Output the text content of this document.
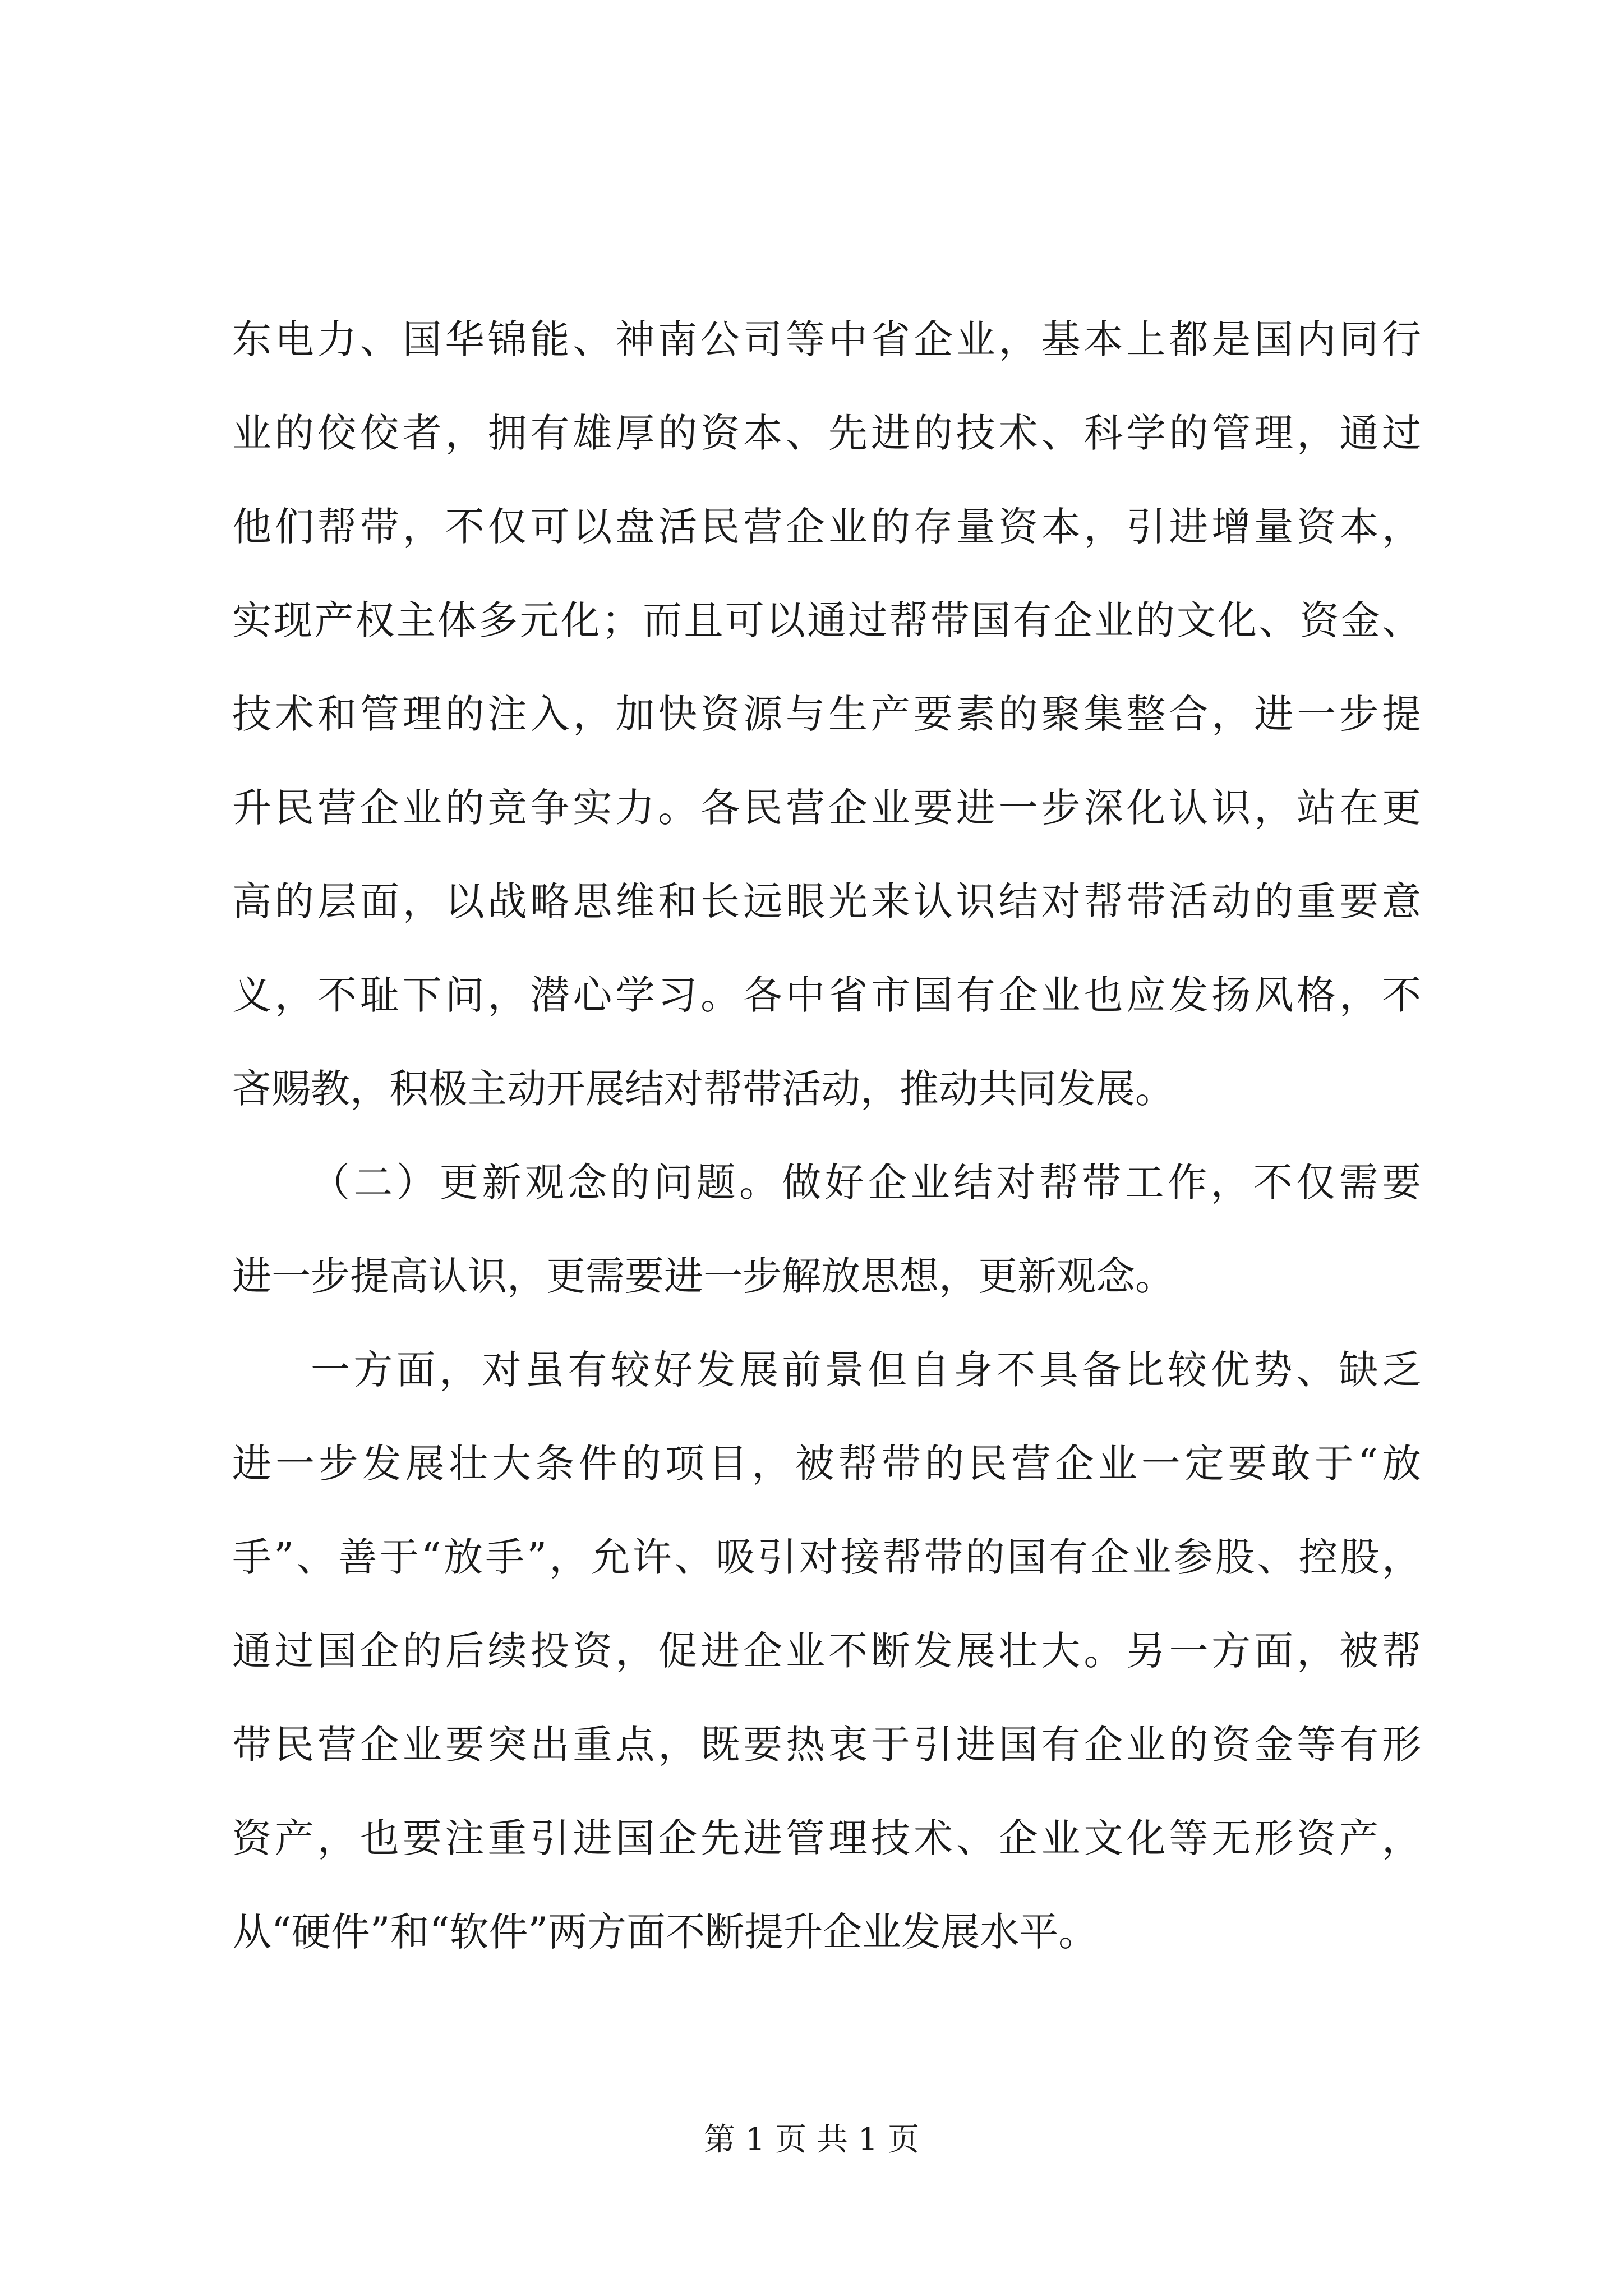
东电力、国华锦能、神南公司等中省企业，基本上都是国内同行
业的佼佼者，拥有雄厚的资本、先进的技术、科学的管理，通过
他们帮带，不仅可以盘活民营企业的存量资本，引进增量资本，
实现产权主体多元化；而且可以通过帮带国有企业的文化、资金、
技术和管理的注入，加快资源与生产要素的聚集整合，进一步提
升民营企业的竞争实力。各民营企业要进一步深化认识，站在更
高的层面，以战略思维和长远眼光来认识结对帮带活动的重要意
义，不耻下问，潜心学习。各中省市国有企业也应发扬风格，不
吝赐教，积极主动开展结对帮带活动，推动共同发展。
（二）更新观念的问题。做好企业结对帮带工作，不仅需要
进一步提高认识，更需要进一步解放思想，更新观念。
一方面，对虽有较好发展前景但自身不具备比较优势、缺乏
进一步发展壮大条件的项目，被帮带的民营企业一定要敢于“放
手”、善于“放手”，允许、吸引对接帮带的国有企业参股、控股，
通过国企的后续投资，促进企业不断发展壮大。另一方面，被帮
带民营企业要突出重点，既要热衷于引进国有企业的资金等有形
资产，也要注重引进国企先进管理技术、企业文化等无形资产，
从“硬件”和“软件”两方面不断提升企业发展水平。
第 1 页 共 1 页
